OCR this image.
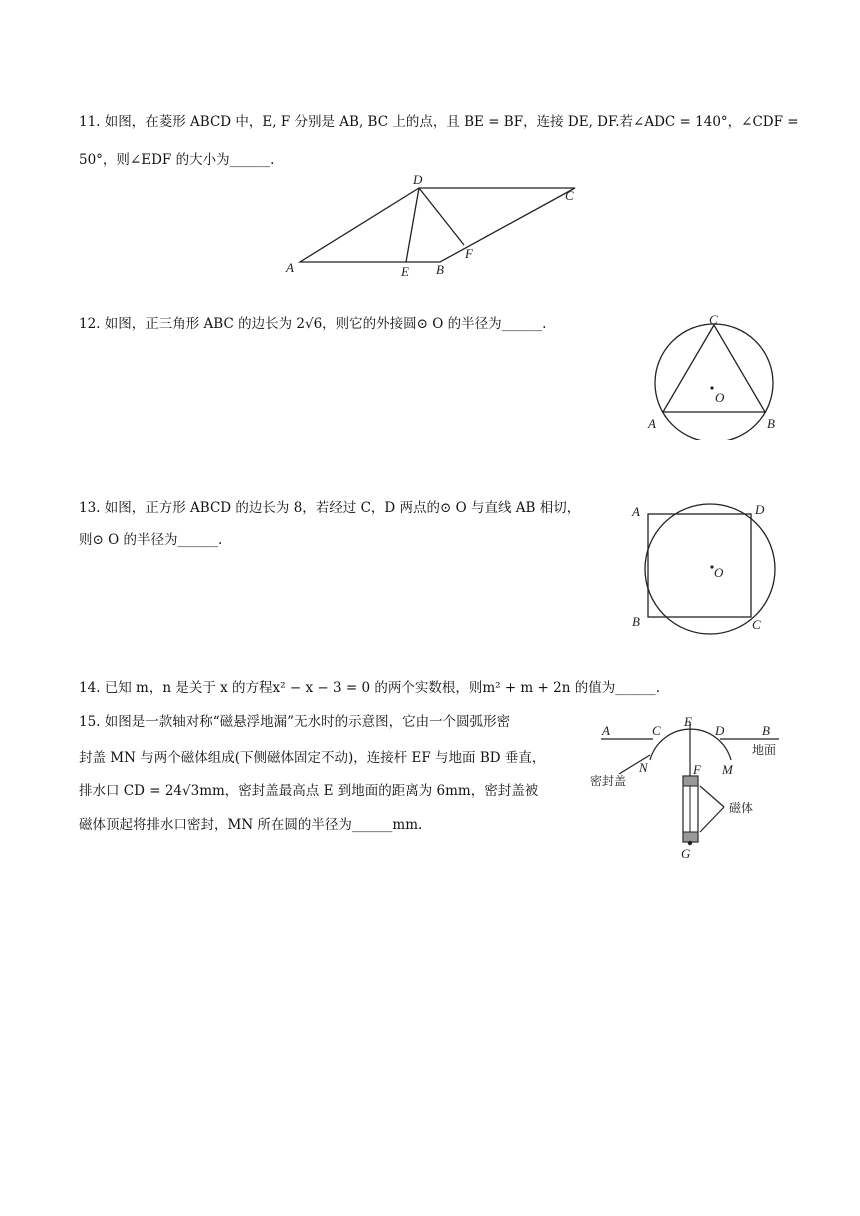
11. 如图，在菱形 ABCD 中，E, F 分别是 AB, BC 上的点，且 BE = BF，连接 DE, DF.若∠ADC = 140°，∠CDF =
50°，则∠EDF 的大小为______.
A	B
C
D
E
F
12. 如图，正三角形 ABC 的边长为 2√6，则它的外接圆⊙ O 的半径为______.
A	B
C
O
13. 如图，正方形 ABCD 的边长为 8，若经过 C，D 两点的⊙ O 与直线 AB 相切，
则⊙ O 的半径为______.
A
B	C
D
O
14. 已知 m，n 是关于 x 的方程x² − x − 3 = 0 的两个实数根，则m² + m + 2n 的值为______.
15. 如图是一款轴对称“磁悬浮地漏”无水时的示意图，它由一个圆弧形密
封盖 MN 与两个磁体组成(下侧磁体固定不动)，连接杆 EF 与地面 BD 垂直，
排水口 CD = 24√3mm，密封盖最高点 E 到地面的距离为 6mm，密封盖被
磁体顶起将排水口密封，MN 所在圆的半径为______mm.
A	B
C	D
E
F
G
M
N
地面
密封盖
磁体
